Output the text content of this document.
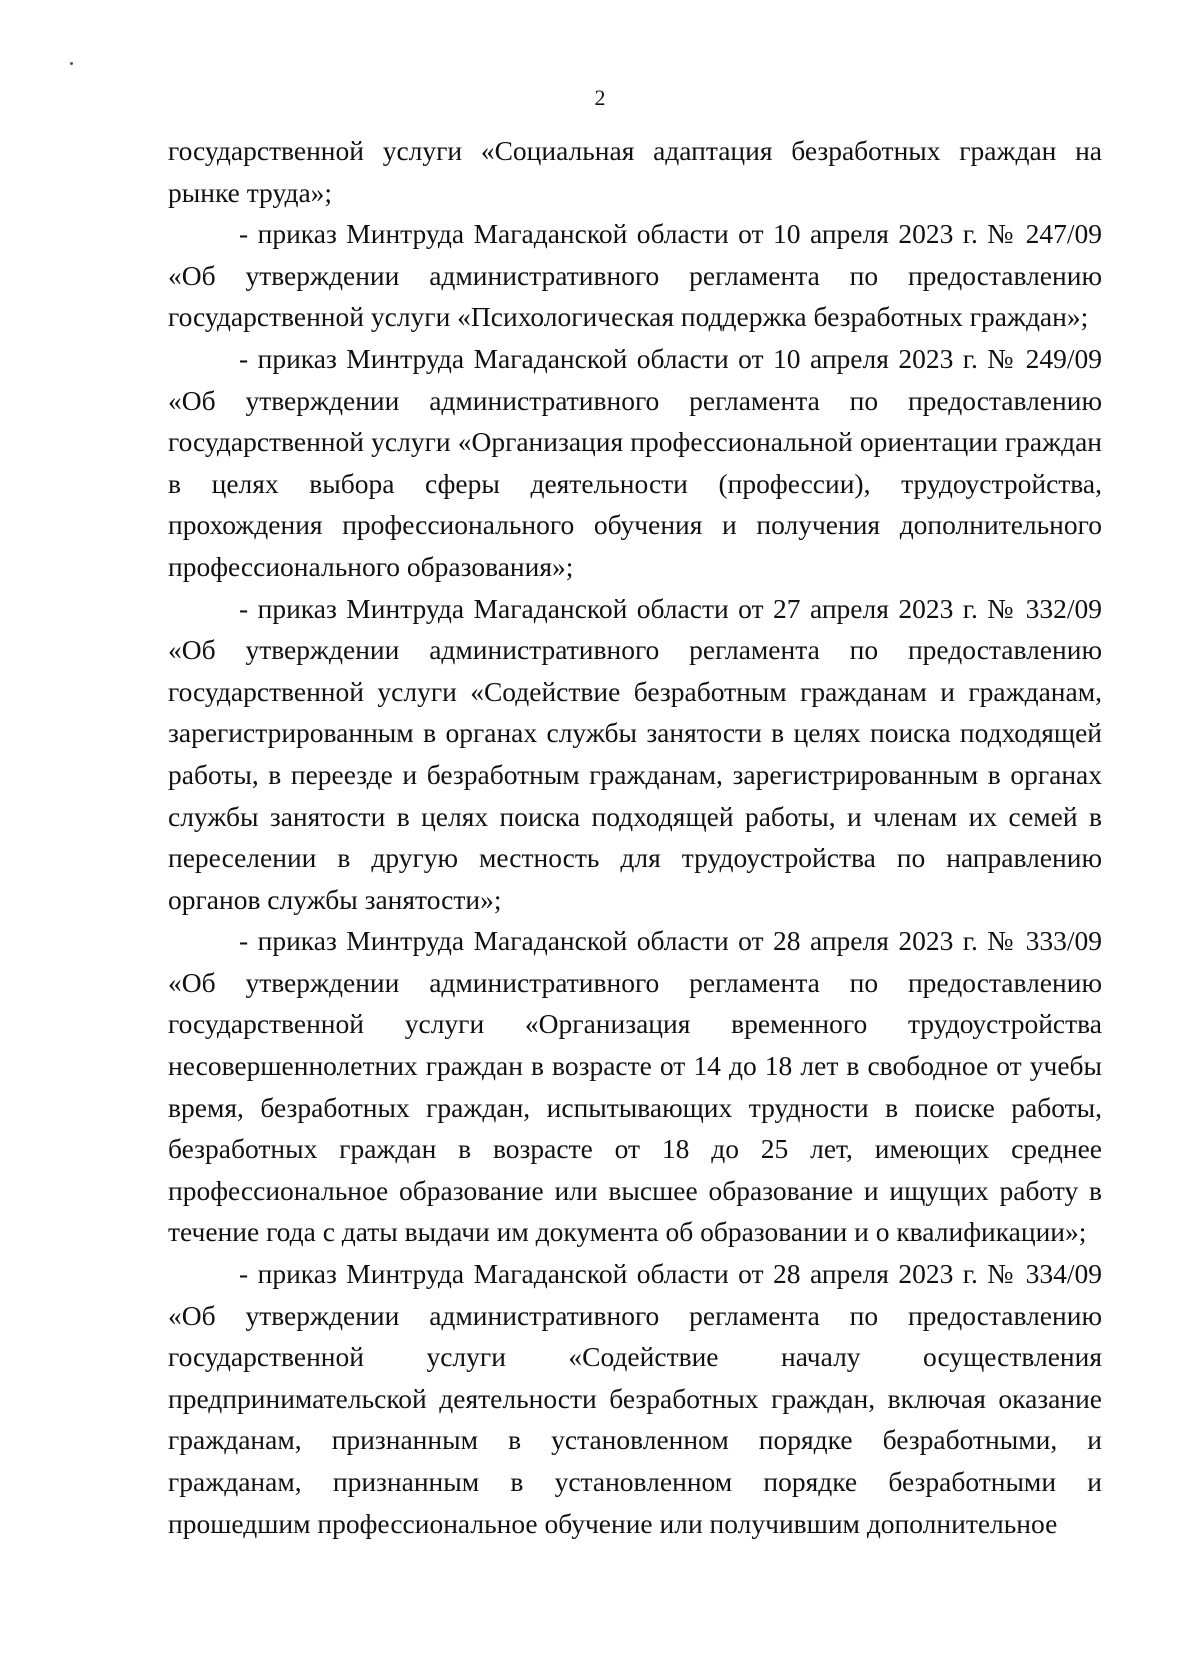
2

государственной услуги «Социальная адаптация безработных граждан на рынке труда»;

- приказ Минтруда Магаданской области от 10 апреля 2023 г. № 247/09 «Об утверждении административного регламента по предоставлению государственной услуги «Психологическая поддержка безработных граждан»;

- приказ Минтруда Магаданской области от 10 апреля 2023 г. № 249/09 «Об утверждении административного регламента по предоставлению государственной услуги «Организация профессиональной ориентации граждан в целях выбора сферы деятельности (профессии), трудоустройства, прохождения профессионального обучения и получения дополнительного профессионального образования»;

- приказ Минтруда Магаданской области от 27 апреля 2023 г. № 332/09 «Об утверждении административного регламента по предоставлению государственной услуги «Содействие безработным гражданам и гражданам, зарегистрированным в органах службы занятости в целях поиска подходящей работы, в переезде и безработным гражданам, зарегистрированным в органах службы занятости в целях поиска подходящей работы, и членам их семей в переселении в другую местность для трудоустройства по направлению органов службы занятости»;

- приказ Минтруда Магаданской области от 28 апреля 2023 г. № 333/09 «Об утверждении административного регламента по предоставлению государственной услуги «Организация временного трудоустройства несовершеннолетних граждан в возрасте от 14 до 18 лет в свободное от учебы время, безработных граждан, испытывающих трудности в поиске работы, безработных граждан в возрасте от 18 до 25 лет, имеющих среднее профессиональное образование или высшее образование и ищущих работу в течение года с даты выдачи им документа об образовании и о квалификации»;

- приказ Минтруда Магаданской области от 28 апреля 2023 г. № 334/09 «Об утверждении административного регламента по предоставлению государственной услуги «Содействие началу осуществления предпринимательской деятельности безработных граждан, включая оказание гражданам, признанным в установленном порядке безработными, и гражданам, признанным в установленном порядке безработными и прошедшим профессиональное обучение или получившим дополнительное
